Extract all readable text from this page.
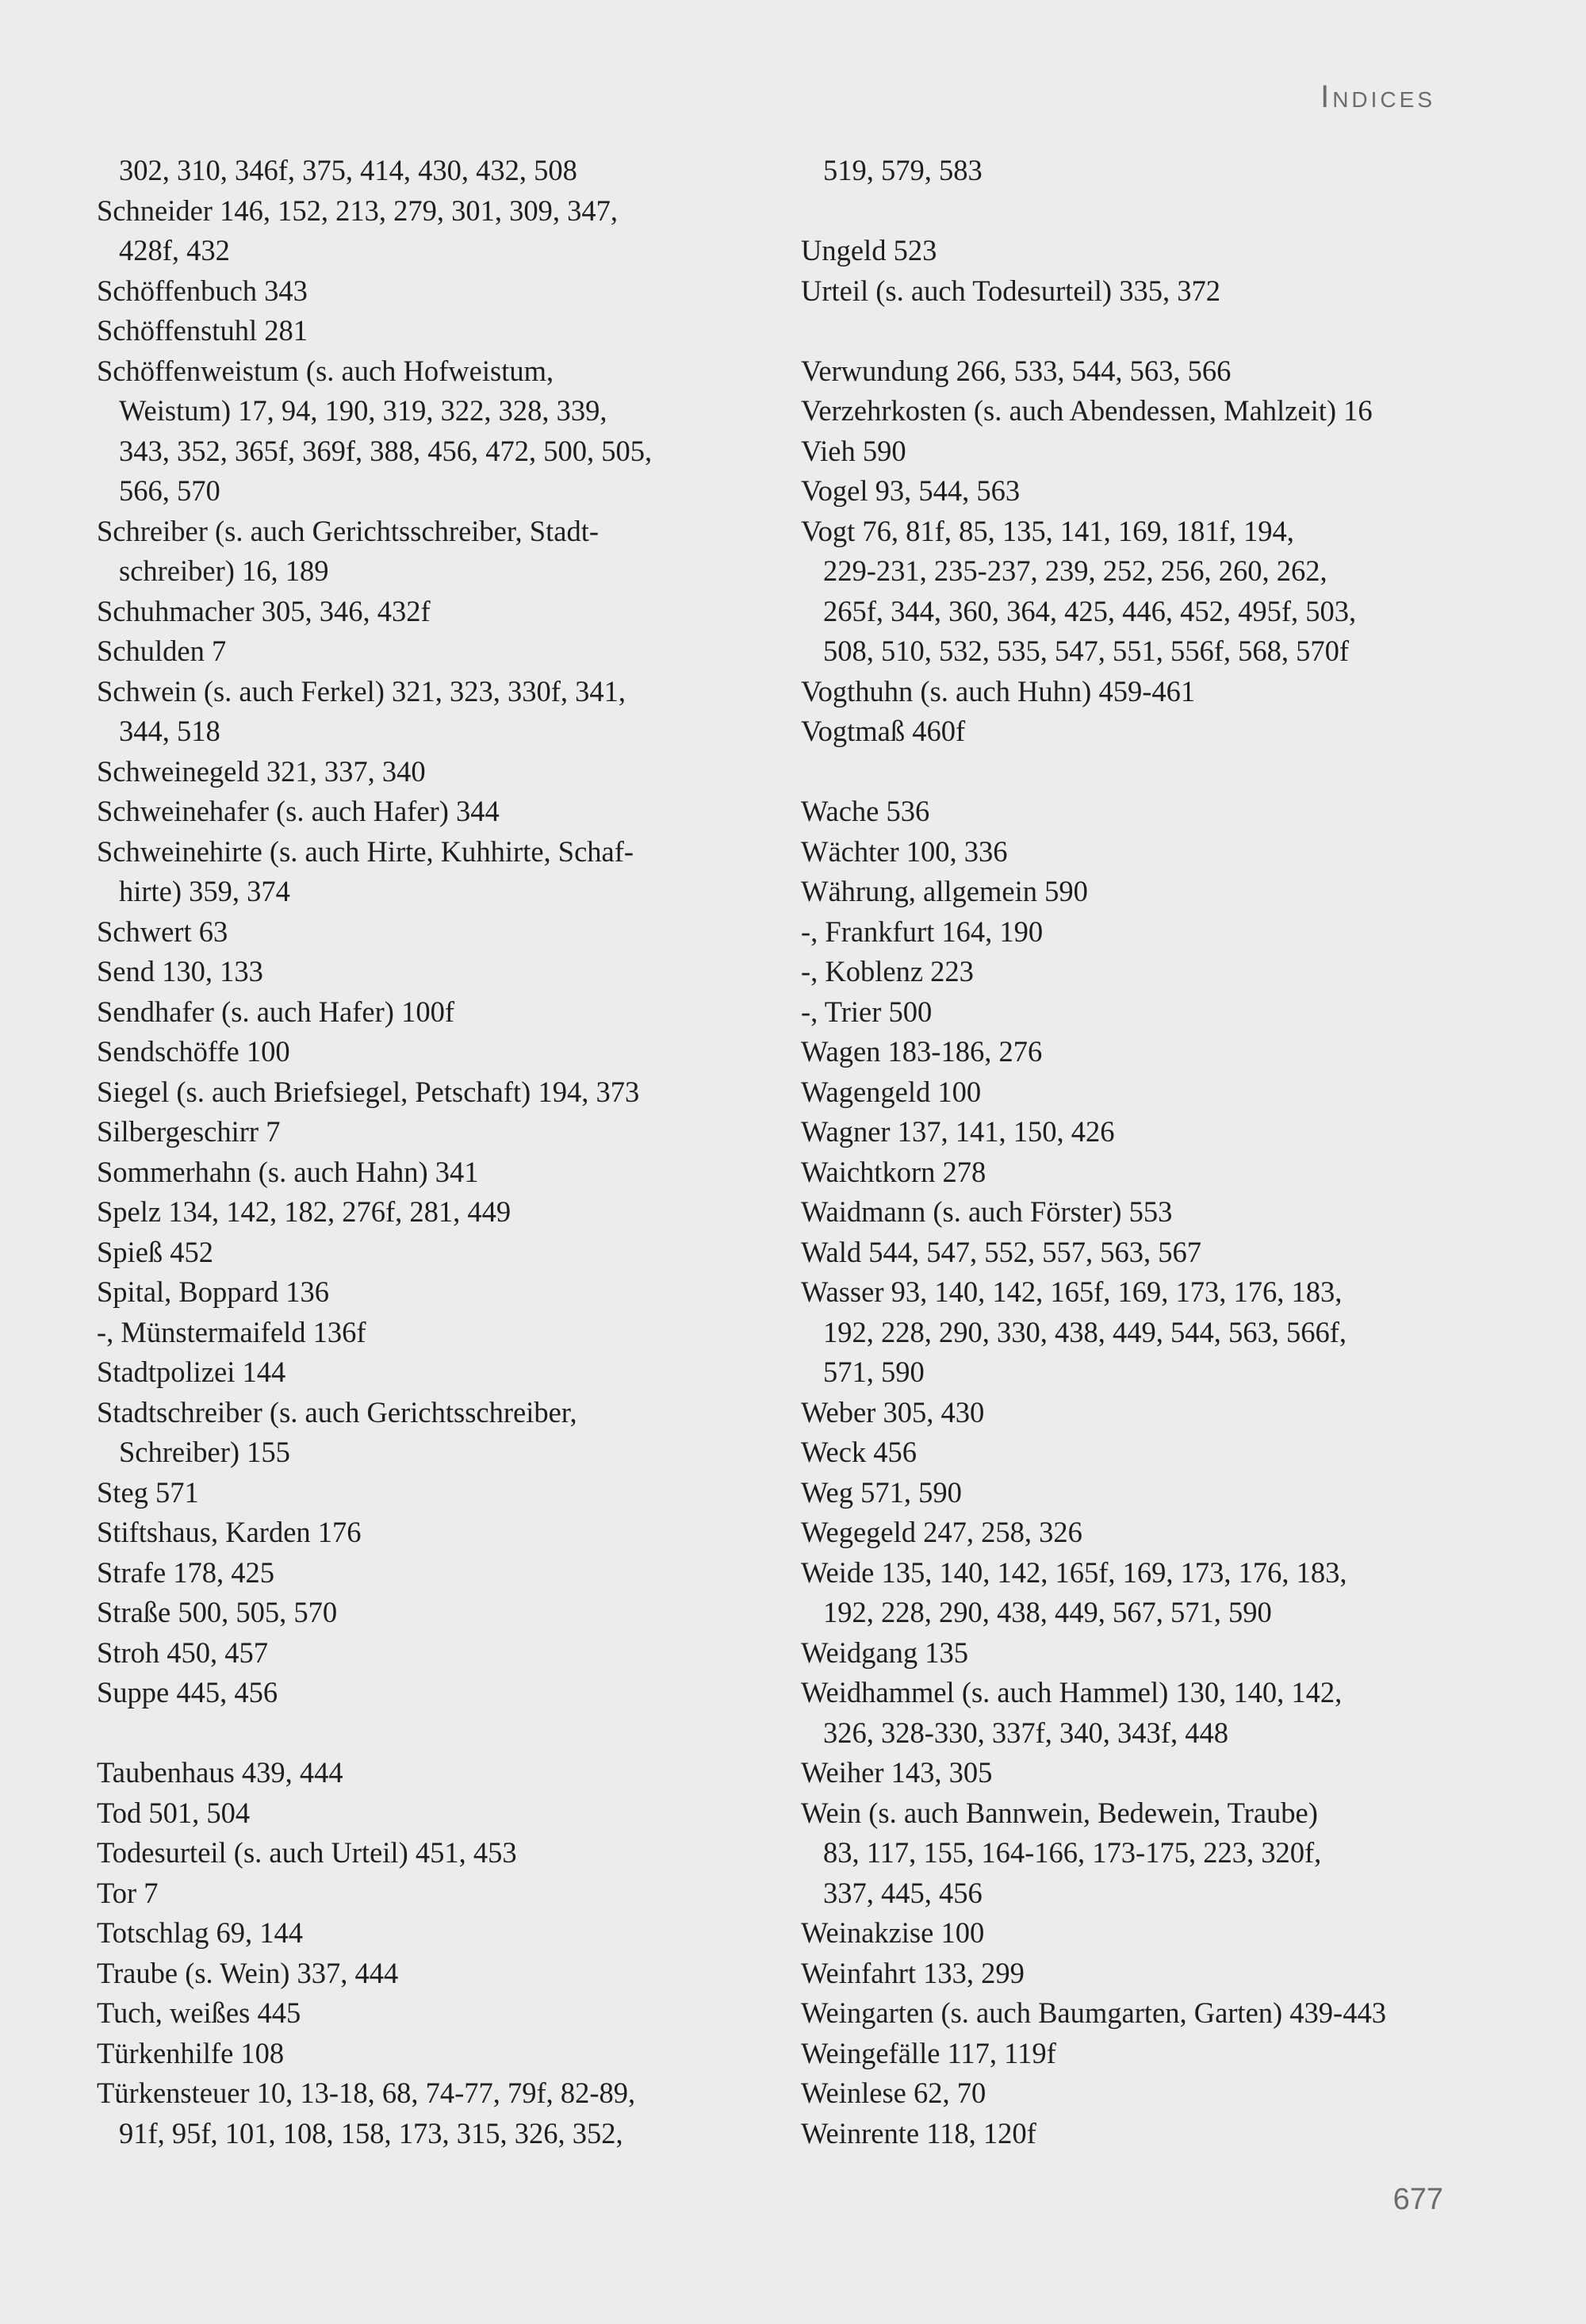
Indices
302, 310, 346f, 375, 414, 430, 432, 508
Schneider 146, 152, 213, 279, 301, 309, 347,
428f, 432
Schöffenbuch 343
Schöffenstuhl 281
Schöffenweistum (s. auch Hofweistum,
Weistum) 17, 94, 190, 319, 322, 328, 339,
343, 352, 365f, 369f, 388, 456, 472, 500, 505,
566, 570
Schreiber (s. auch Gerichtsschreiber, Stadt-
schreiber) 16, 189
Schuhmacher 305, 346, 432f
Schulden 7
Schwein (s. auch Ferkel) 321, 323, 330f, 341,
344, 518
Schweinegeld 321, 337, 340
Schweinehafer (s. auch Hafer) 344
Schweinehirte (s. auch Hirte, Kuhhirte, Schaf-
hirte) 359, 374
Schwert 63
Send 130, 133
Sendhafer (s. auch Hafer) 100f
Sendschöffe 100
Siegel (s. auch Briefsiegel, Petschaft) 194, 373
Silbergeschirr 7
Sommerhahn (s. auch Hahn) 341
Spelz 134, 142, 182, 276f, 281, 449
Spieß 452
Spital, Boppard 136
-, Münstermaifeld 136f
Stadtpolizei 144
Stadtschreiber (s. auch Gerichtsschreiber,
Schreiber) 155
Steg 571
Stiftshaus, Karden 176
Strafe 178, 425
Straße 500, 505, 570
Stroh 450, 457
Suppe 445, 456
Taubenhaus 439, 444
Tod 501, 504
Todesurteil (s. auch Urteil) 451, 453
Tor 7
Totschlag 69, 144
Traube (s. Wein) 337, 444
Tuch, weißes 445
Türkenhilfe 108
Türkensteuer 10, 13-18, 68, 74-77, 79f, 82-89,
91f, 95f, 101, 108, 158, 173, 315, 326, 352,
519, 579, 583
Ungeld 523
Urteil (s. auch Todesurteil) 335, 372
Verwundung 266, 533, 544, 563, 566
Verzehrkosten (s. auch Abendessen, Mahlzeit) 16
Vieh 590
Vogel 93, 544, 563
Vogt 76, 81f, 85, 135, 141, 169, 181f, 194,
229-231, 235-237, 239, 252, 256, 260, 262,
265f, 344, 360, 364, 425, 446, 452, 495f, 503,
508, 510, 532, 535, 547, 551, 556f, 568, 570f
Vogthuhn (s. auch Huhn) 459-461
Vogtmaß 460f
Wache 536
Wächter 100, 336
Währung, allgemein 590
-, Frankfurt 164, 190
-, Koblenz 223
-, Trier 500
Wagen 183-186, 276
Wagengeld 100
Wagner 137, 141, 150, 426
Waichtkorn 278
Waidmann (s. auch Förster) 553
Wald 544, 547, 552, 557, 563, 567
Wasser 93, 140, 142, 165f, 169, 173, 176, 183,
192, 228, 290, 330, 438, 449, 544, 563, 566f,
571, 590
Weber 305, 430
Weck 456
Weg 571, 590
Wegegeld 247, 258, 326
Weide 135, 140, 142, 165f, 169, 173, 176, 183,
192, 228, 290, 438, 449, 567, 571, 590
Weidgang 135
Weidhammel (s. auch Hammel) 130, 140, 142,
326, 328-330, 337f, 340, 343f, 448
Weiher 143, 305
Wein (s. auch Bannwein, Bedewein, Traube)
83, 117, 155, 164-166, 173-175, 223, 320f,
337, 445, 456
Weinakzise 100
Weinfahrt 133, 299
Weingarten (s. auch Baumgarten, Garten) 439-443
Weingefälle 117, 119f
Weinlese 62, 70
Weinrente 118, 120f
677
